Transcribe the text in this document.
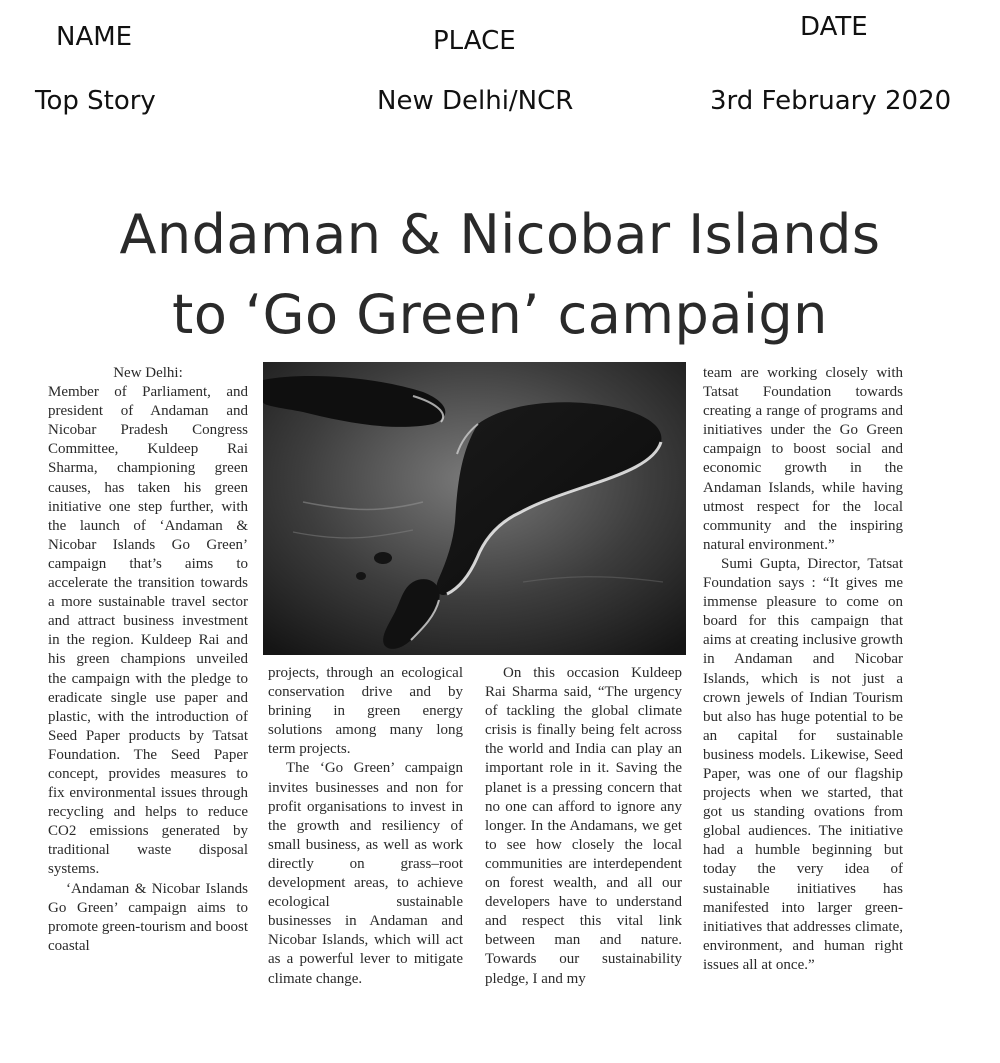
NAME	PLACE	DATE
Top Story	New Delhi/NCR	3rd February 2020
Andaman & Nicobar Islands
to ‘Go Green’ campaign

New Delhi:

Member of Parliament, and president of Andaman and Nicobar Pradesh Congress Committee, Kuldeep Rai Sharma, championing green causes, has taken his green initiative one step further, with the launch of ‘Andaman & Nicobar Islands Go Green’ campaign that’s aims to accelerate the transition towards a more sustainable travel sector and attract business investment in the region. Kuldeep Rai and his green champions unveiled the campaign with the pledge to eradicate single use paper and plastic, with the introduction of Seed Paper products by Tatsat Foundation. The Seed Paper concept, provides measures to fix environmental issues through recycling and helps to reduce CO2 emissions generated by traditional waste disposal systems.

‘Andaman & Nicobar Islands Go Green’ campaign aims to promote green-tourism and boost coastal

projects, through an ecological conservation drive and by brining in green energy solutions among many long term projects.

The ‘Go Green’ campaign invites businesses and non for profit organisations to invest in the growth and resiliency of small business, as well as work directly on grass–root development areas, to achieve ecological sustainable businesses in Andaman and Nicobar Islands, which will act as a powerful lever to mitigate climate change.

On this occasion Kuldeep Rai Sharma said, “The urgency of tackling the global climate crisis is finally being felt across the world and India can play an important role in it. Saving the planet is a pressing concern that no one can afford to ignore any longer. In the Andamans, we get to see how closely the local communities are interdependent on forest wealth, and all our developers have to understand and respect this vital link between man and nature. Towards our sustainability pledge, I and my

team are working closely with Tatsat Foundation towards creating a range of programs and initiatives under the Go Green campaign to boost social and economic growth in the Andaman Islands, while having utmost respect for the local community and the inspiring natural environment.”

Sumi Gupta, Director, Tatsat Foundation says : “It gives me immense pleasure to come on board for this campaign that aims at creating inclusive growth in Andaman and Nicobar Islands, which is not just a crown jewels of Indian Tourism but also has huge potential to be an capital for sustainable business models. Likewise, Seed Paper, was one of our flagship projects when we started, that got us standing ovations from global audiences. The initiative had a humble beginning but today the very idea of sustainable initiatives has manifested into larger green-initiatives that addresses climate, environment, and human right issues all at once.”
